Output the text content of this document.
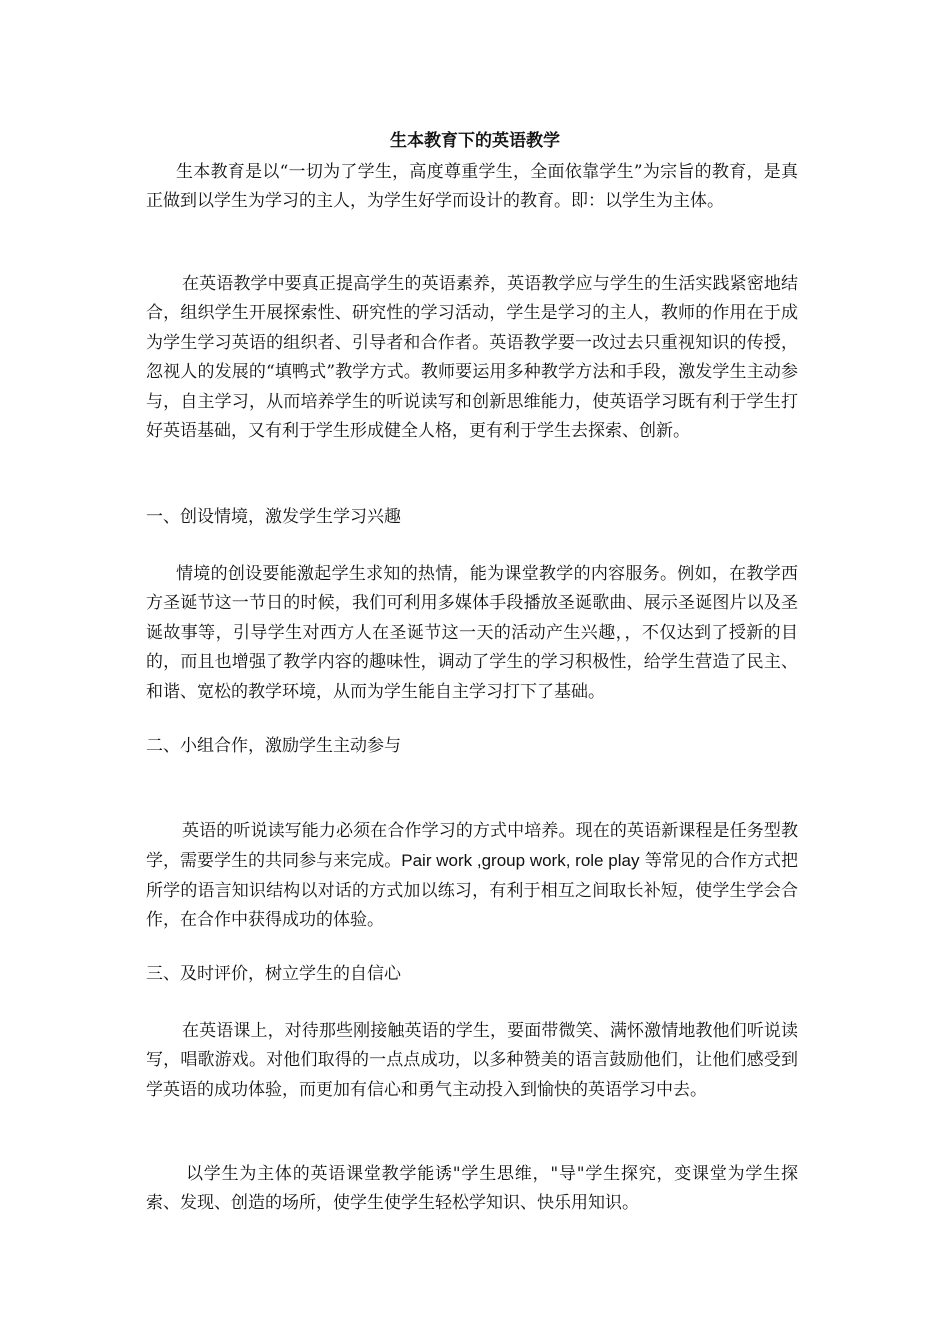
生本教育下的英语教学

生本教育是以“一切为了学生，高度尊重学生，全面依靠学生”为宗旨的教育，是真正做到以学生为学习的主人，为学生好学而设计的教育。即：以学生为主体。

在英语教学中要真正提高学生的英语素养，英语教学应与学生的生活实践紧密地结合，组织学生开展探索性、研究性的学习活动，学生是学习的主人，教师的作用在于成为学生学习英语的组织者、引导者和合作者。英语教学要一改过去只重视知识的传授，忽视人的发展的“填鸭式”教学方式。教师要运用多种教学方法和手段，激发学生主动参与，自主学习，从而培养学生的听说读写和创新思维能力，使英语学习既有利于学生打好英语基础，又有利于学生形成健全人格，更有利于学生去探索、创新。

一、创设情境，激发学生学习兴趣

情境的创设要能激起学生求知的热情，能为课堂教学的内容服务。例如，在教学西方圣诞节这一节日的时候，我们可利用多媒体手段播放圣诞歌曲、展示圣诞图片以及圣诞故事等，引导学生对西方人在圣诞节这一天的活动产生兴趣，，不仅达到了授新的目的，而且也增强了教学内容的趣味性，调动了学生的学习积极性，给学生营造了民主、和谐、宽松的教学环境，从而为学生能自主学习打下了基础。

二、小组合作，激励学生主动参与

英语的听说读写能力必须在合作学习的方式中培养。现在的英语新课程是任务型教学，需要学生的共同参与来完成。Pair work ,group work, role play 等常见的合作方式把所学的语言知识结构以对话的方式加以练习，有利于相互之间取长补短，使学生学会合作，在合作中获得成功的体验。

三、及时评价，树立学生的自信心

在英语课上，对待那些刚接触英语的学生，要面带微笑、满怀激情地教他们听说读写，唱歌游戏。对他们取得的一点点成功，以多种赞美的语言鼓励他们，让他们感受到学英语的成功体验，而更加有信心和勇气主动投入到愉快的英语学习中去。

以学生为主体的英语课堂教学能诱"学生思维，"导"学生探究，变课堂为学生探索、发现、创造的场所，使学生使学生轻松学知识、快乐用知识。
